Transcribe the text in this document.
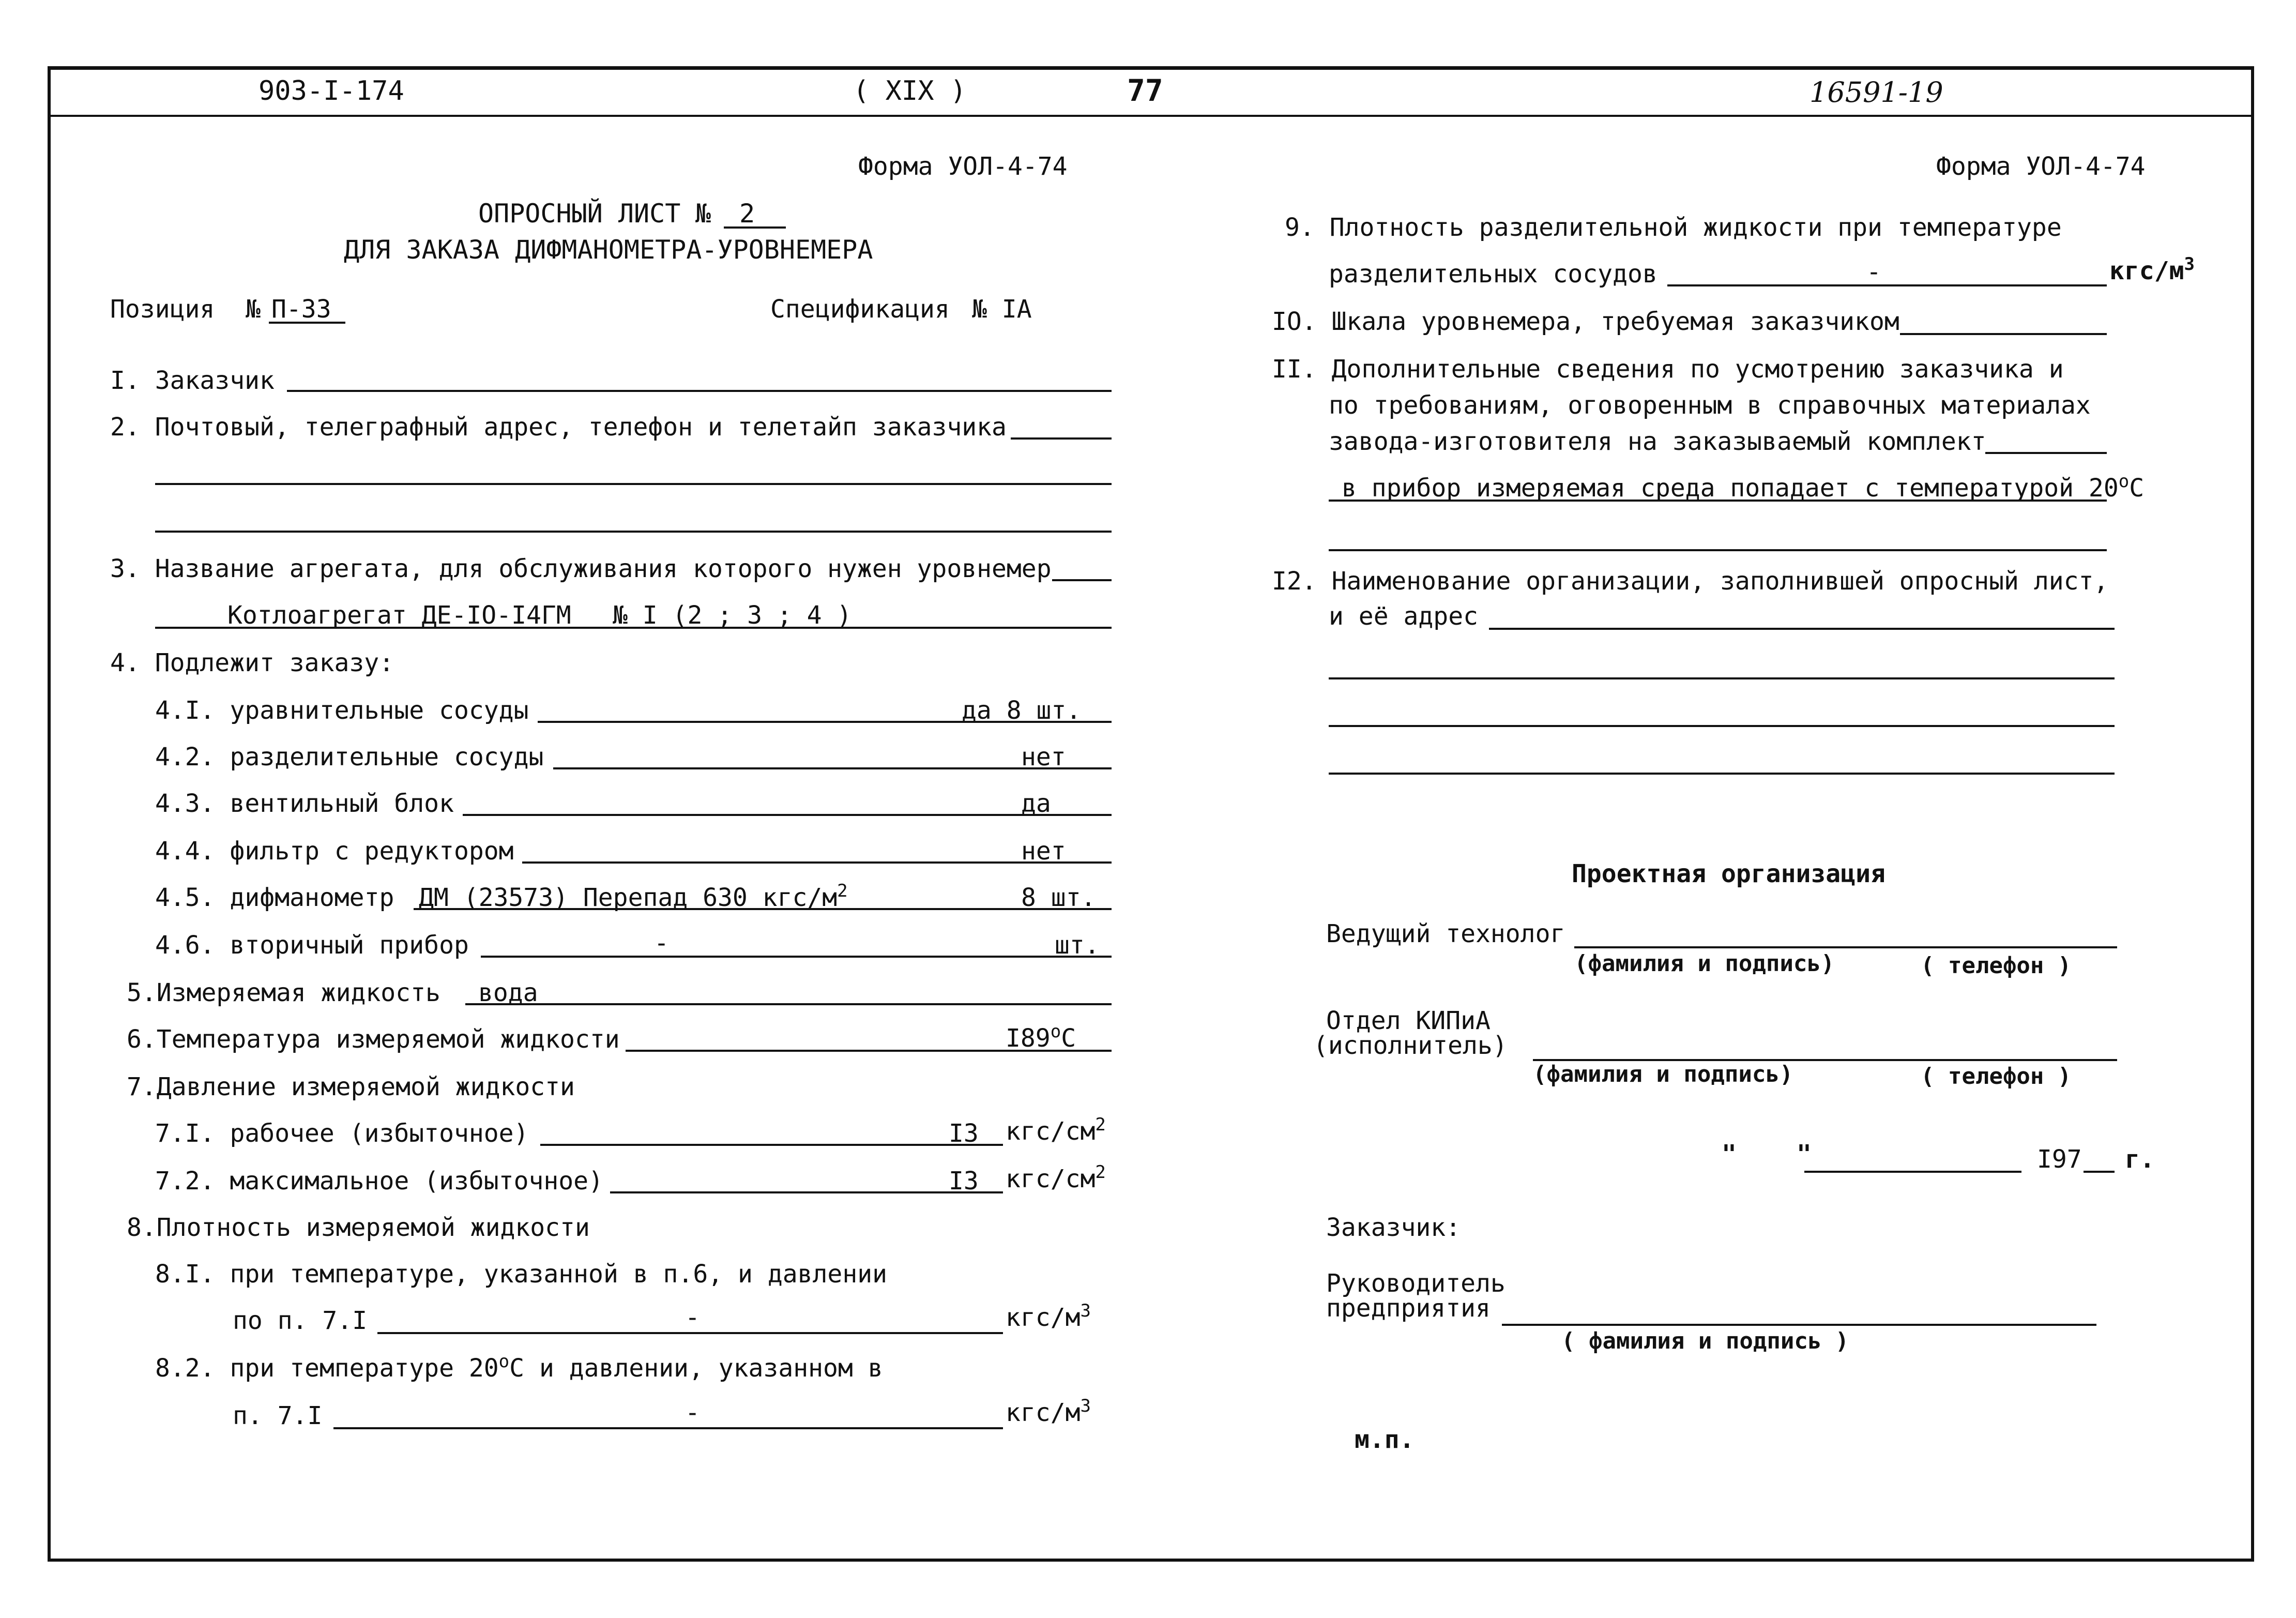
903-I-174	( XIX )	77	16591-19
Форма УОЛ-4-74
ОПРОСНЫЙ ЛИСТ № 2
ДЛЯ ЗАКАЗА ДИФМАНОМЕТРА-УРОВНЕМЕРА
Позиция № П-33	Спецификация № IA
I. Заказчик
2. Почтовый, телеграфный адрес, телефон и телетайп заказчика
3. Название агрегата, для обслуживания которого нужен уровнемер
Котлоагрегат ДЕ-IO-I4ГМ № I (2 ; 3 ; 4 )
4. Подлежит заказу:
4.I. уравнительные сосуды	да 8 шт.
4.2. разделительные сосуды	нет
4.3. вентильный блок	да
4.4. фильтр с редуктором	нет
4.5. дифманометр ДМ (23573) Перепад 630 кгс/$м^2$	8 шт.
4.6. вторичный прибор	-	шт.
5.Измеряемая жидкость вода
6.Температура измеряемой жидкости	I89$^o$C
7.Давление измеряемой жидкости
7.I. рабочее (избыточное)	I3 кгс/$см^2$
7.2. максимальное (избыточное)	I3 кгс/$см^2$
8.Плотность измеряемой жидкости
8.I. при температуре, указанной в п.6, и давлении
по п. 7.I	-	кгс/$м^3$
8.2. при температуре 20$^o$С и давлении, указанном в
п. 7.I	-	кгс/$м^3$
Форма УОЛ-4-74
9. Плотность разделительной жидкости при температуре
разделительных сосудов	-	кгс/$м^3$
IO. Шкала уровнемера, требуемая заказчиком
II. Дополнительные сведения по усмотрению заказчика и
по требованиям, оговоренным в справочных материалах
завода-изготовителя на заказываемый комплект
в прибор измеряемая среда попадает с температурой 20$^o$С
I2. Наименование организации, заполнившей опросный лист,
и её адрес
Проектная организация
Ведущий технолог
(фамилия и подпись)	( телефон )
Отдел КИПиА
(исполнитель)
(фамилия и подпись)	( телефон )
" "	I97 г.
Заказчик:
Руководитель
предприятия
( фамилия и подпись )
м.п.
